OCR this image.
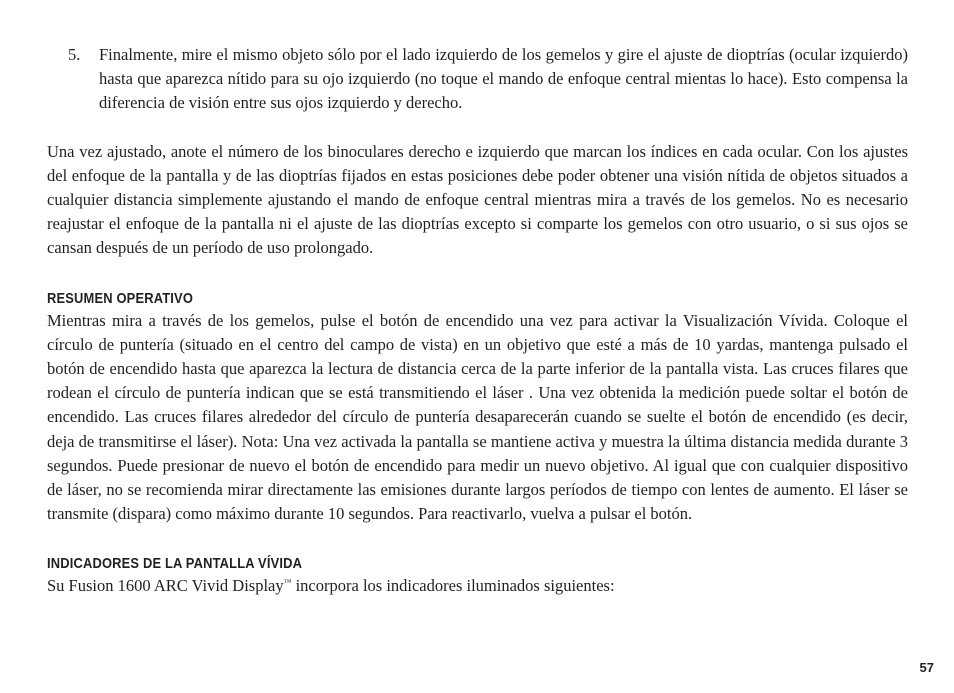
5.	Finalmente, mire el mismo objeto sólo por el lado izquierdo de los gemelos y gire el ajuste de dioptrías (ocular izquierdo) hasta que aparezca nítido para su ojo izquierdo (no toque el mando de enfoque central mientas lo hace). Esto compensa la diferencia de visión entre sus ojos izquierdo y derecho.

Una vez ajustado, anote el número de los binoculares derecho e izquierdo que marcan los índices en cada ocular. Con los ajustes del enfoque de la pantalla y de las dioptrías fijados en estas posiciones debe poder obtener una visión nítida de objetos situados a cualquier distancia simplemente ajustando el mando de enfoque central mientras mira a través de los gemelos. No es necesario reajustar el enfoque de la pantalla ni el ajuste de las dioptrías excepto si comparte los gemelos con otro usuario, o si sus ojos se cansan después de un período de uso prolongado.

RESUMEN OPERATIVO

Mientras mira a través de los gemelos, pulse el botón de encendido una vez para activar la Visualización Vívida. Coloque el círculo de puntería (situado en el centro del campo de vista) en un objetivo que esté a más de 10 yardas, mantenga pulsado el botón de encendido hasta que aparezca la lectura de distancia cerca de la parte inferior de la pantalla vista. Las cruces filares que rodean el círculo de puntería indican que se está transmitiendo el láser . Una vez obtenida la medición puede soltar el botón de encendido. Las cruces filares alrededor del círculo de puntería desaparecerán cuando se suelte el botón de encendido (es decir, deja de transmitirse el láser). Nota: Una vez activada la pantalla se mantiene activa y muestra la última distancia medida durante 3 segundos. Puede presionar de nuevo el botón de encendido para medir un nuevo objetivo. Al igual que con cualquier dispositivo de láser, no se recomienda mirar directamente las emisiones durante largos períodos de tiempo con lentes de aumento. El láser se transmite (dispara) como máximo durante 10 segundos. Para reactivarlo, vuelva a pulsar el botón.

INDICADORES DE LA PANTALLA VÍVIDA

Su Fusion 1600 ARC Vivid Display™ incorpora los indicadores iluminados siguientes:

57
